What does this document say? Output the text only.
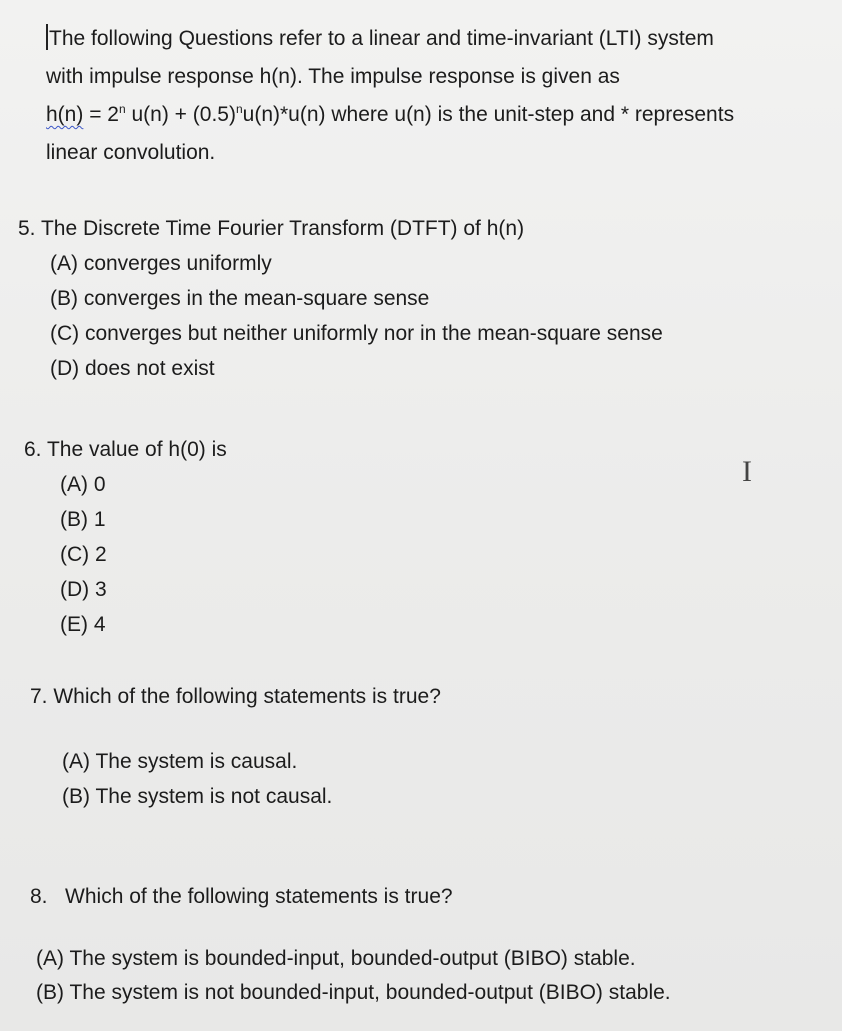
The following Questions refer to a linear and time-invariant (LTI) system
with impulse response h(n). The impulse response is given as
$h(n) = 2^n$ $u(n) + (0.5)^nu(n)*u(n)$ where u(n) is the unit-step and * represents
linear convolution.
5. The Discrete Time Fourier Transform (DTFT) of h(n)
(A) converges uniformly
(B) converges in the mean-square sense
(C) converges but neither uniformly nor in the mean-square sense
(D) does not exist
6. The value of h(0) is
(A) 0
(B) 1
(C) 2
(D) 3
(E) 4
7. Which of the following statements is true?
(A) The system is causal.
(B) The system is not causal.
8. Which of the following statements is true?
(A) The system is bounded-input, bounded-output (BIBO) stable.
(B) The system is not bounded-input, bounded-output (BIBO) stable.
I
